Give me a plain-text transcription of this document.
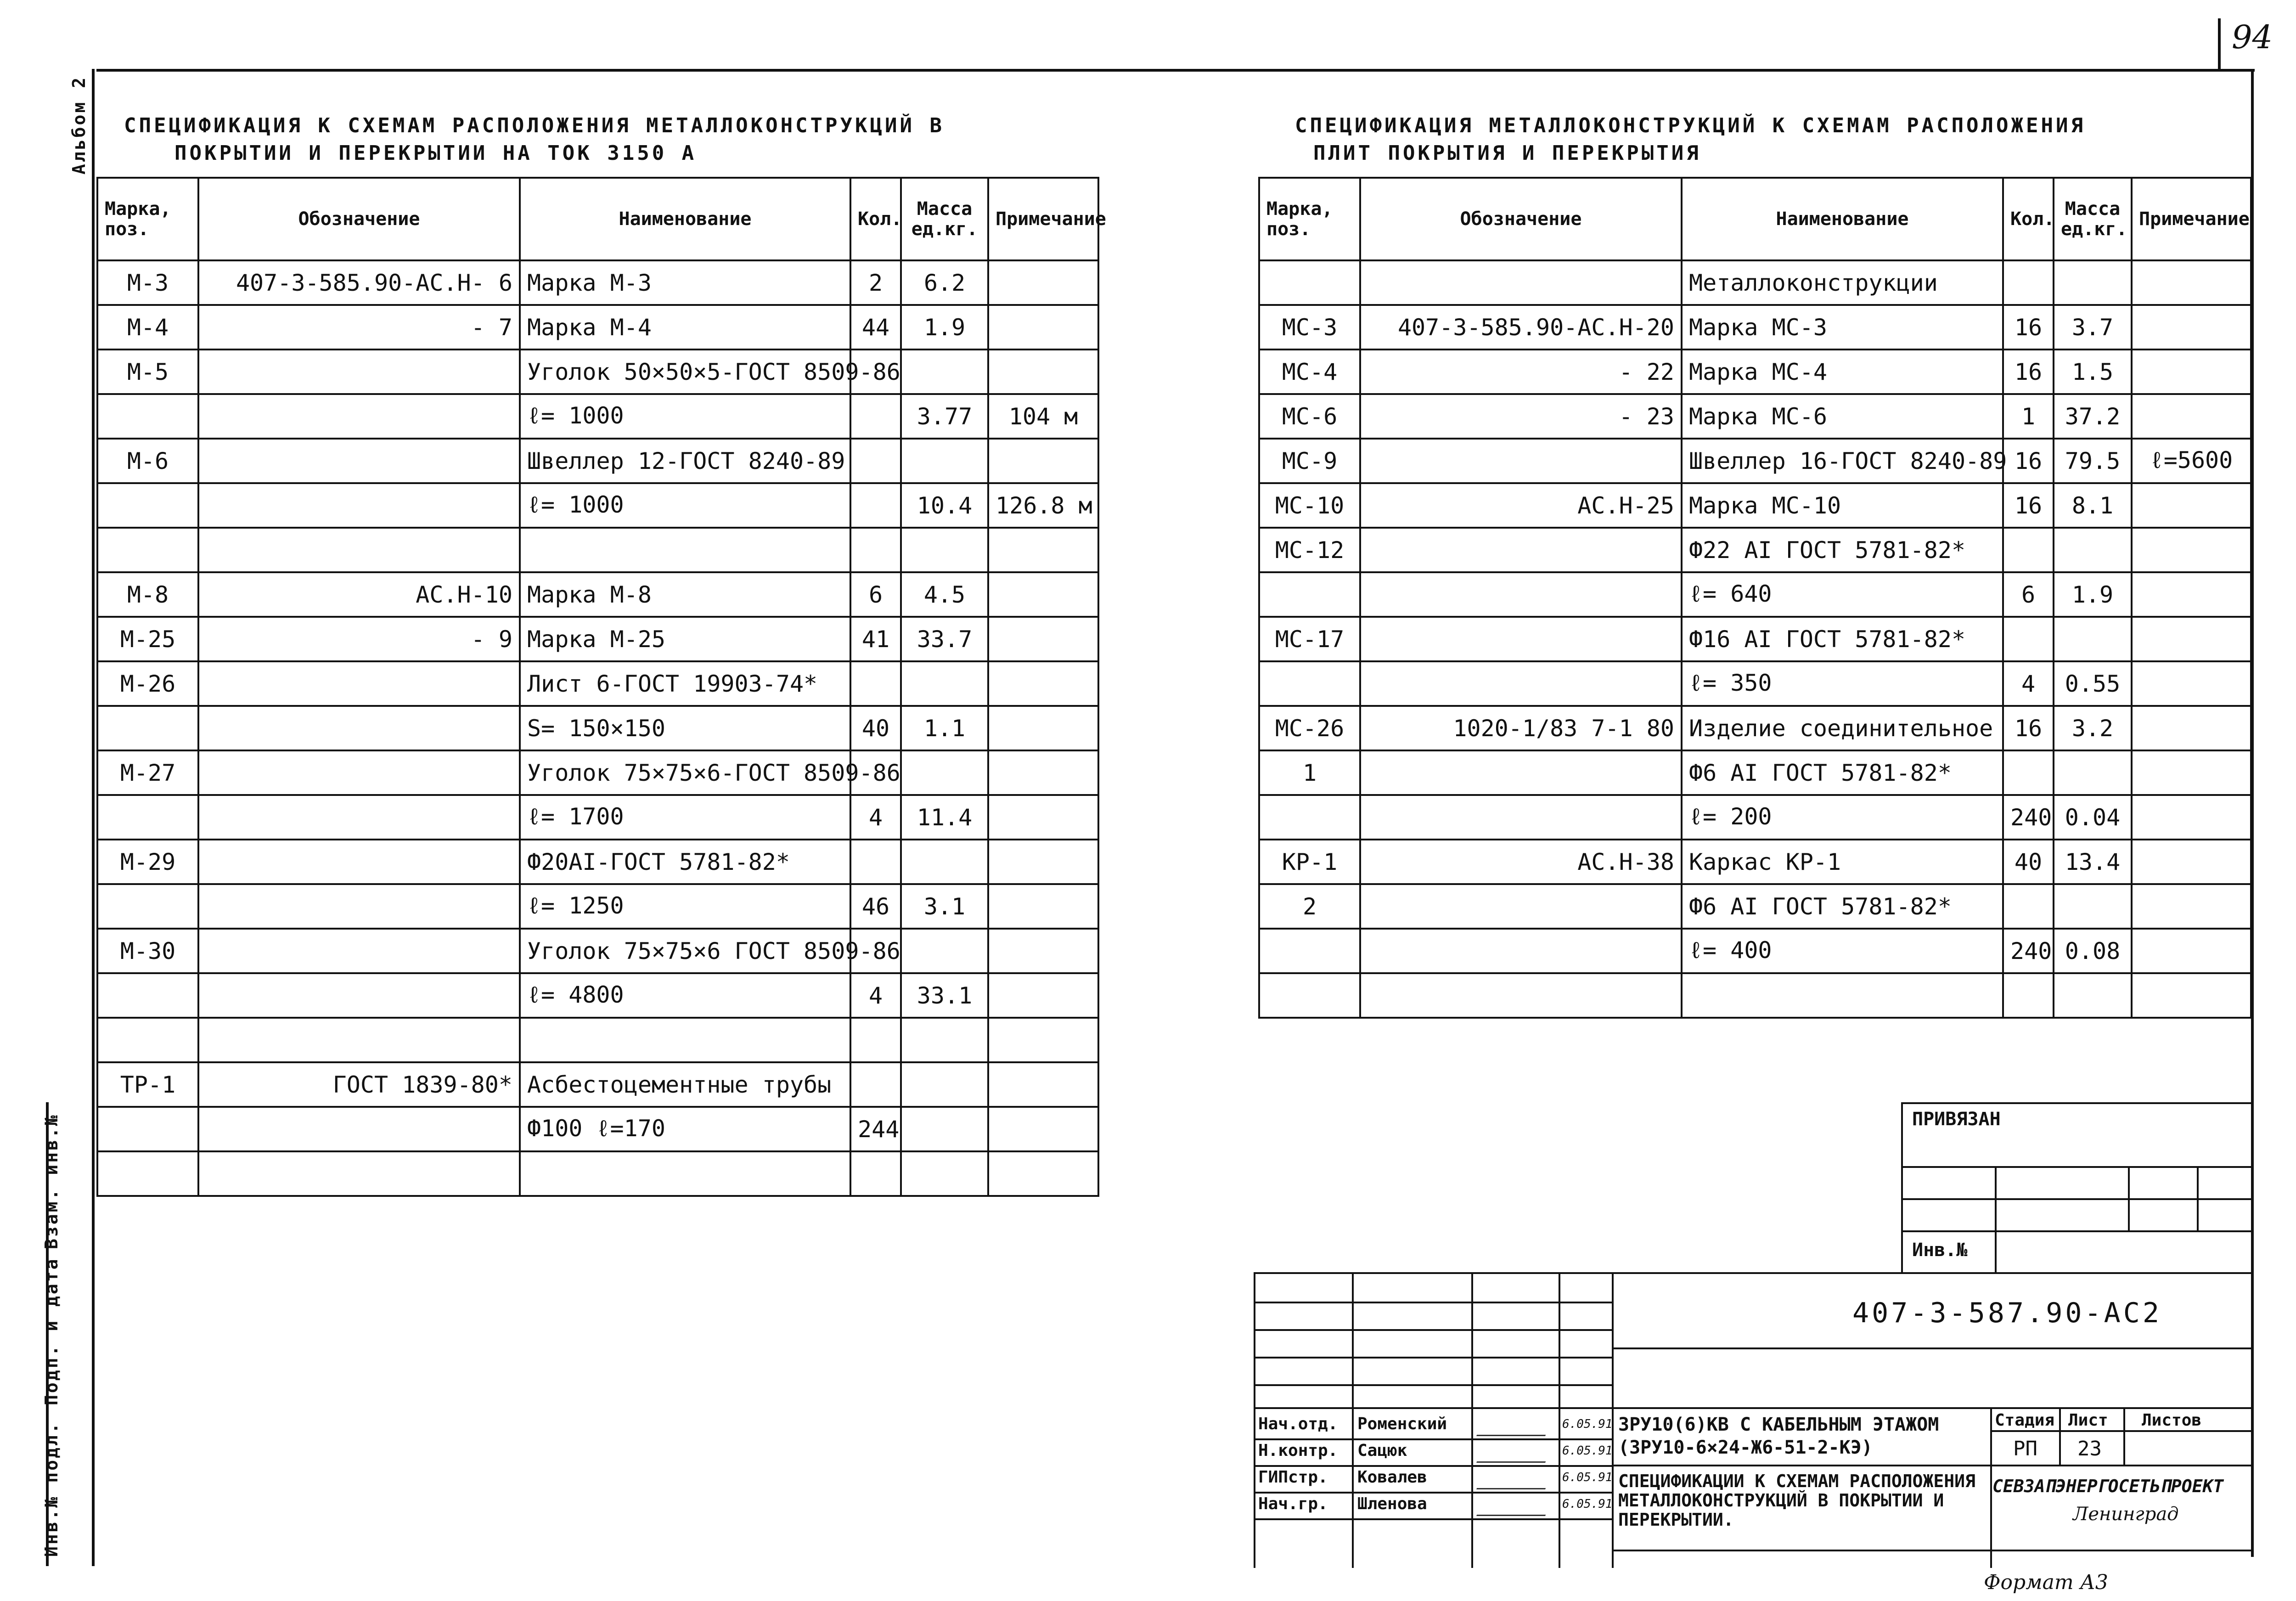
94
Альбом 2
Взам. инв.№
Подп. и дата
Инв.№ подл.
СПЕЦИФИКАЦИЯ К СХЕМАМ РАСПОЛОЖЕНИЯ МЕТАЛЛОКОНСТРУКЦИЙ В
ПОКРЫТИИ И ПЕРЕКРЫТИИ НА ТОК 3150 А
Марка, поз.	Обозначение	Наименование	Кол.	Масса ед.кг.	Примечание
М-3	407-3-585.90-АС.Н- 6	Марка М-3	2	6.2	
М-4	- 7	Марка М-4	44	1.9	
М-5		Уголок 50×50×5-ГОСТ 8509-86			
		ℓ= 1000		3.77	104 м
М-6		Швеллер 12-ГОСТ 8240-89			
		ℓ= 1000		10.4	126.8 м

М-8	АС.Н-10	Марка М-8	6	4.5	
М-25	- 9	Марка М-25	41	33.7	
М-26		Лист 6-ГОСТ 19903-74*			
		S= 150×150	40	1.1	
М-27		Уголок 75×75×6-ГОСТ 8509-86			
		ℓ= 1700	4	11.4	
М-29		Ф20АI-ГОСТ 5781-82*			
		ℓ= 1250	46	3.1	
М-30		Уголок 75×75×6 ГОСТ 8509-86			
		ℓ= 4800	4	33.1	

ТР-1	ГОСТ 1839-80*	Асбестоцементные трубы			
		Ф100 ℓ=170	244		

СПЕЦИФИКАЦИЯ МЕТАЛЛОКОНСТРУКЦИЙ К СХЕМАМ РАСПОЛОЖЕНИЯ
ПЛИТ ПОКРЫТИЯ И ПЕРЕКРЫТИЯ
Марка, поз.	Обозначение	Наименование	Кол.	Масса ед.кг.	Примечание
		Металлоконструкции			
МС-3	407-3-585.90-АС.Н-20	Марка МС-3	16	3.7	
МС-4	- 22	Марка МС-4	16	1.5	
МС-6	- 23	Марка МС-6	1	37.2	
МС-9		Швеллер 16-ГОСТ 8240-89	16	79.5	ℓ=5600
МС-10	АС.Н-25	Марка МС-10	16	8.1	
МС-12		Ф22 АI ГОСТ 5781-82*			
		ℓ= 640	6	1.9	
МС-17		Ф16 АI ГОСТ 5781-82*			
		ℓ= 350	4	0.55	
МС-26	1020-1/83 7-1 80	Изделие соединительное	16	3.2	
1		Ф6 АI ГОСТ 5781-82*			
		ℓ= 200	240	0.04	
КР-1	АС.Н-38	Каркас КР-1	40	13.4	
2		Ф6 АI ГОСТ 5781-82*			
		ℓ= 400	240	0.08	

ПРИВЯЗАН
Инв.№
407-3-587.90-АС2
Нач.отд. Роменский	6.05.91
Н.контр. Сацюк	6.05.91
ГИПстр. Ковалев	6.05.91
Нач.гр. Шленова	6.05.91
ЗРУ10(6)КВ С КАБЕЛЬНЫМ ЭТАЖОМ
(ЗРУ10-6×24-Ж6-51-2-КЭ)
СПЕЦИФИКАЦИИ К СХЕМАМ РАСПОЛОЖЕНИЯ МЕТАЛЛОКОНСТРУКЦИЙ В ПОКРЫТИИ И ПЕРЕКРЫТИИ.
Стадия Лист Листов
РП 23
СЕВЗАПЭНЕРГОСЕТЬПРОЕКТ
Ленинград
Формат А3
